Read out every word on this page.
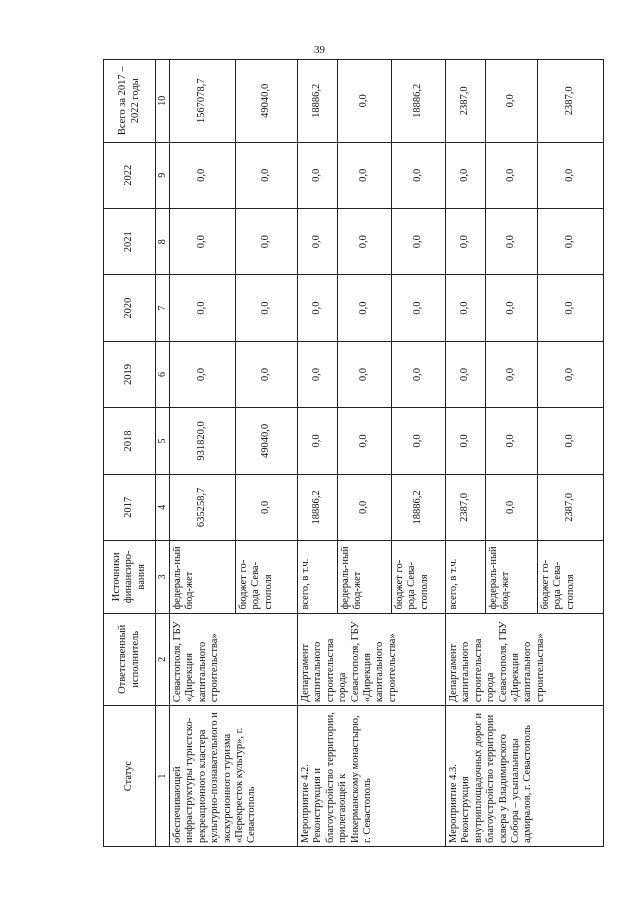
39
Статус	Ответственный исполнитель	Источники финансиро-вания	2017	2018	2019	2020	2021	2022	Всего за 2017 – 2022 годы
1	2	3	4	5	6	7	8	9	10
обеспечивающей инфраструктуры туристско-рекреационного кластера культурно-познавательного и экскурсионного туризма «Перекресток культур», г. Севастополь	Севастополя, ГБУ «Дирекция капитального строительства»	федераль-ный бюд-жет	635258,7	931820,0	0,0	0,0	0,0	0,0	1567078,7
		бюджет го-рода Сева-стополя	0,0	49040,0	0,0	0,0	0,0	0,0	49040,0
Мероприятие 4.2. Реконструкция и благоустройство территории, прилегающей к Инкерманскому монастырю, г. Севастополь	Департамент капитального строительства города Севастополя, ГБУ «Дирекция капитального строительства»	всего, в т.ч.	18886,2	0,0	0,0	0,0	0,0	0,0	18886,2
		федераль-ный бюд-жет	0,0	0,0	0,0	0,0	0,0	0,0	0,0
		бюджет го-рода Сева-стополя	18886,2	0,0	0,0	0,0	0,0	0,0	18886,2
Мероприятие 4.3. Реконструкция внутриплощадочных дорог и благоустройство территории сквера у Владимирского Собора – усыпальницы адмиралов, г. Севастополь	Департамент капитального строительства города Севастополя, ГБУ «Дирекция капитального строительства»	всего, в т.ч.	2387,0	0,0	0,0	0,0	0,0	0,0	2387,0
		федераль-ный бюд-жет	0,0	0,0	0,0	0,0	0,0	0,0	0,0
		бюджет го-рода Сева-стополя	2387,0	0,0	0,0	0,0	0,0	0,0	2387,0
